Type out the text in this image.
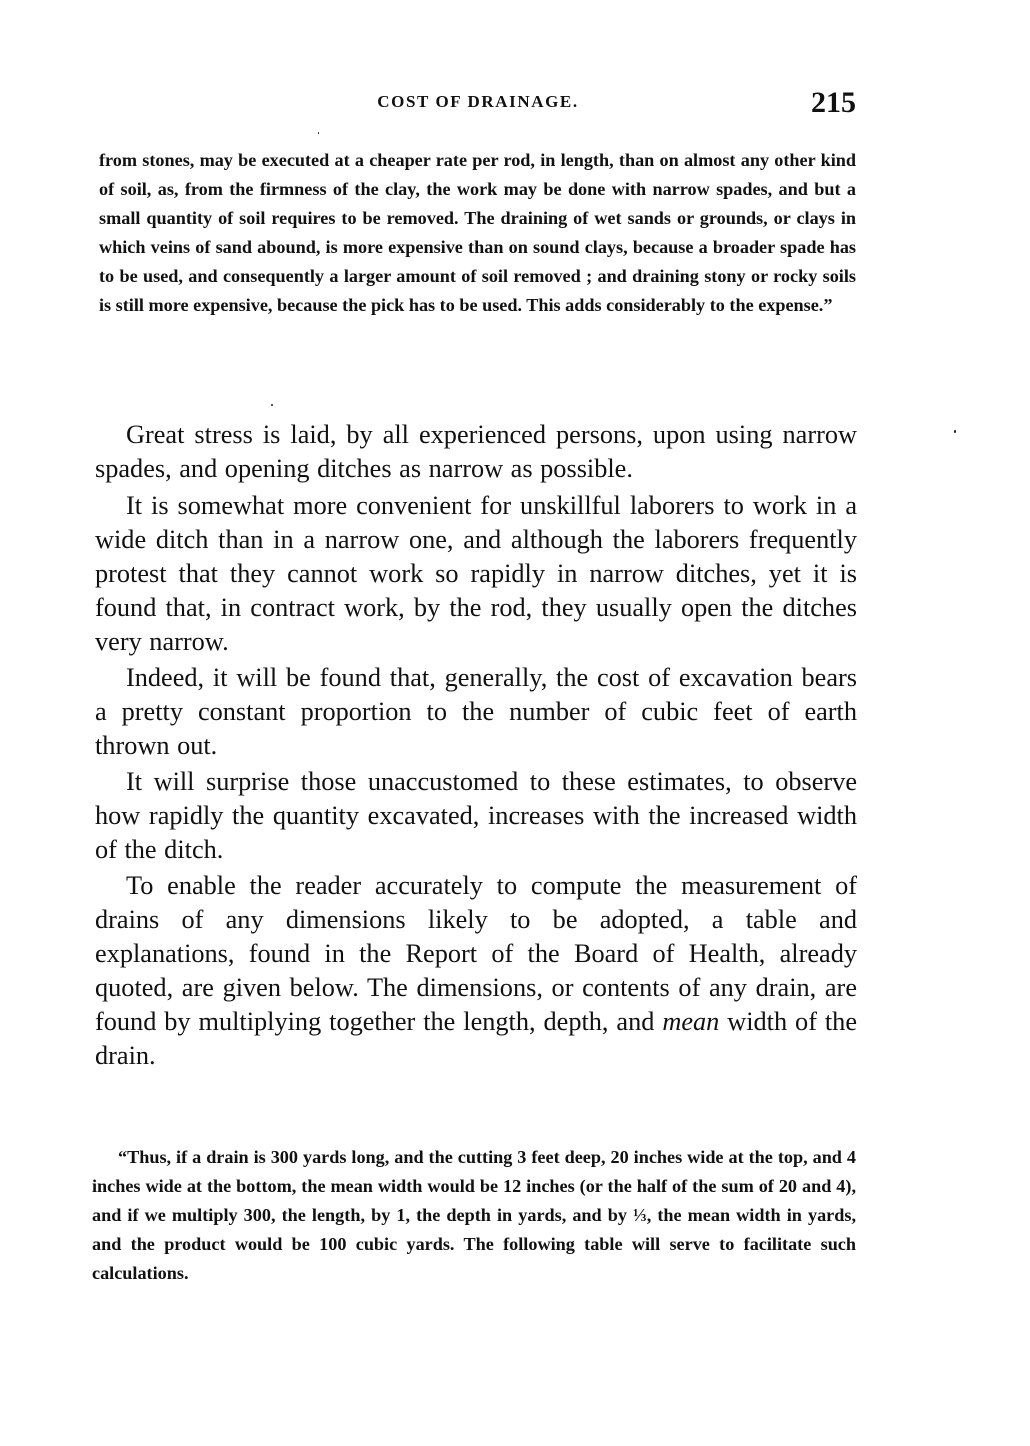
COST OF DRAINAGE.	215
from stones, may be executed at a cheaper rate per rod, in length, than on almost any other kind of soil, as, from the firmness of the clay, the work may be done with narrow spades, and but a small quantity of soil requires to be removed. The draining of wet sands or grounds, or clays in which veins of sand abound, is more expensive than on sound clays, because a broader spade has to be used, and consequently a larger amount of soil removed ; and draining stony or rocky soils is still more expensive, because the pick has to be used. This adds considerably to the expense.”

Great stress is laid, by all experienced persons, upon using narrow spades, and opening ditches as narrow as possible.

It is somewhat more convenient for unskillful laborers to work in a wide ditch than in a narrow one, and although the laborers frequently protest that they cannot work so rapidly in narrow ditches, yet it is found that, in contract work, by the rod, they usually open the ditches very narrow.

Indeed, it will be found that, generally, the cost of excavation bears a pretty constant proportion to the number of cubic feet of earth thrown out.

It will surprise those unaccustomed to these estimates, to observe how rapidly the quantity excavated, increases with the increased width of the ditch.

To enable the reader accurately to compute the measurement of drains of any dimensions likely to be adopted, a table and explanations, found in the Report of the Board of Health, already quoted, are given below. The dimensions, or contents of any drain, are found by multiplying together the length, depth, and mean width of the drain.

“Thus, if a drain is 300 yards long, and the cutting 3 feet deep, 20 inches wide at the top, and 4 inches wide at the bottom, the mean width would be 12 inches (or the half of the sum of 20 and 4), and if we multiply 300, the length, by 1, the depth in yards, and by ⅓, the mean width in yards, and the product would be 100 cubic yards. The following table will serve to facilitate such calculations.
